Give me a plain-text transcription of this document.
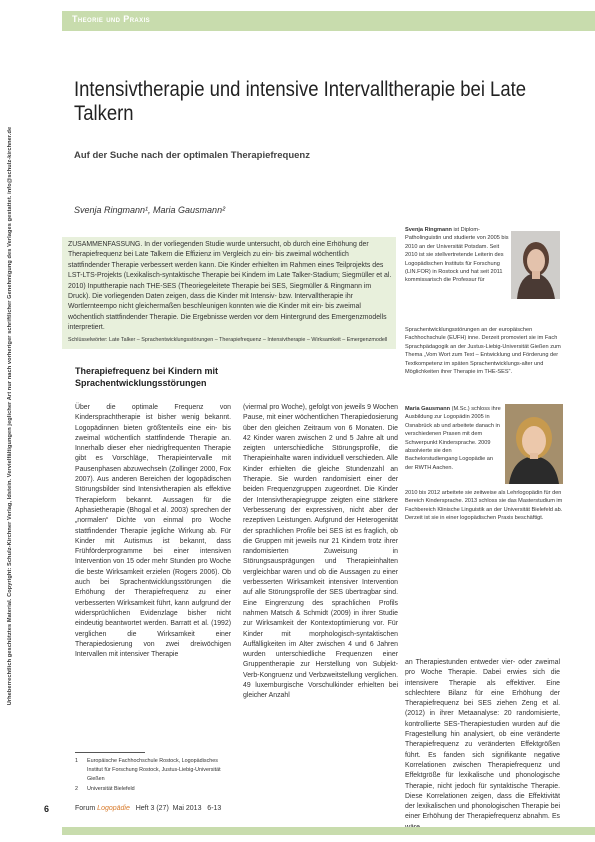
Urheberrechtlich geschütztes Material. Copyright: Schulz-Kirchner Verlag, Idstein. Vervielfältigungen jeglicher Art nur nach vorheriger schriftlicher Genehmigung des Verlages gestattet. info@schulz-kirchner.de
Theorie und Praxis
Intensivtherapie und intensive Intervalltherapie bei Late Talkern
Auf der Suche nach der optimalen Therapiefrequenz
Svenja Ringmann¹, Maria Gausmann²
ZUSAMMENFASSUNG. In der vorliegenden Studie wurde untersucht, ob durch eine Erhöhung der Therapiefrequenz bei Late Talkern die Effizienz im Vergleich zu ein- bis zweimal wöchentlich stattfindender Therapie verbessert werden kann. Die Kinder erhielten im Rahmen eines Teilprojekts des LST-LTS-Projekts (Lexikalisch-syntaktische Therapie bei Kindern im Late Talker-Stadium; Siegmüller et al. 2010) Inputtherapie nach THE-SES (Theoriegeleitete Therapie bei SES, Siegmüller & Ringmann im Druck). Die vorliegenden Daten zeigen, dass die Kinder mit Intensiv- bzw. Intervalltherapie ihr Wortlernteempo nicht gleichermaßen beschleunigen konnten wie die Kinder mit ein- bis zweimal wöchentlich stattfindender Therapie. Die Ergebnisse werden vor dem Hintergrund des Emergenzmodells interpretiert.
Schlüsselwörter: Late Talker – Sprachentwicklungsstörungen – Therapiefrequenz – Intensivtherapie – Wirksamkeit – Emergenzmodell
Therapiefrequenz bei Kindern mit Sprachentwicklungsstörungen
Über die optimale Frequenz von Kindersprachtherapie ist bisher wenig bekannt. Logopädinnen bieten größtenteils eine ein- bis zweimal wöchentlich stattfindende Therapie an. Innerhalb dieser eher niedrigfrequenten Therapie gibt es Vorschläge, Therapieintervalle mit Pausenphasen abzuwechseln (Zollinger 2000, Fox 2007). Aus anderen Bereichen der logopädischen Störungsbilder sind Intensivtherapien als effektive Therapieform bekannt. Aussagen für die Aphasietherapie (Bhogal et al. 2003) sprechen der „normalen“ Dichte von einmal pro Woche stattfindender Therapie jegliche Wirkung ab. Für Kinder mit Autismus ist bekannt, dass Frühförderprogramme bei einer intensiven Intervention von 15 oder mehr Stunden pro Woche die beste Wirksamkeit erzielen (Rogers 2006). Ob auch bei Sprachentwicklungsstörungen die Erhöhung der Therapiefrequenz zu einer verbesserten Wirksamkeit führt, kann aufgrund der widersprüchlichen Evidenzlage bisher nicht eindeutig beantwortet werden. Barratt et al. (1992) verglichen die Wirksamkeit einer Therapiedosierung von zwei dreiwöchigen Intervallen mit intensiver Therapie
(viermal pro Woche), gefolgt von jeweils 9 Wochen Pause, mit einer wöchentlichen Therapiedosierung über den gleichen Zeitraum von 6 Monaten. Die 42 Kinder waren zwischen 2 und 5 Jahre alt und zeigten unterschiedliche Störungsprofile, die Therapieinhalte waren individuell verschieden. Alle Kinder erhielten die gleiche Stundenzahl an Therapie. Sie wurden randomisiert einer der beiden Frequenzgruppen zugeordnet. Die Kinder der Intensivtherapiegruppe zeigten eine stärkere Verbesserung der expressiven, nicht aber der rezeptiven Leistungen. Aufgrund der Heterogenität der sprachlichen Profile bei SES ist es fraglich, ob die Gruppen mit jeweils nur 21 Kindern trotz ihrer randomisierten Zuweisung in Störungsausprägungen und Therapieinhalten vergleichbar waren und ob die Aussagen zu einer verbesserten Wirksamkeit intensiver Intervention auf alle Störungsprofile der SES übertragbar sind. Eine Eingrenzung des sprachlichen Profils nahmen Matsch & Schmidt (2009) in ihrer Studie zur Wirksamkeit der Kontextoptimierung vor. Für Kinder mit morphologisch-syntaktischen Auffälligkeiten im Alter zwischen 4 und 6 Jahren wurden unterschiedliche Frequenzen einer Gruppentherapie zur Herstellung von Subjekt-Verb-Kongruenz und Verbzweitstellung verglichen. 49 luxemburgische Vorschulkinder erhielten bei gleicher Anzahl
an Therapiestunden entweder vier- oder zweimal pro Woche Therapie. Dabei erwies sich die intensivere Therapie als effektiver. Eine schlechtere Bilanz für eine Erhöhung der Therapiefrequenz bei SES ziehen Zeng et al. (2012) in ihrer Metaanalyse: 20 randomisierte, kontrollierte SES-Therapiestudien wurden auf die Fragestellung hin analysiert, ob eine veränderte Therapiefrequenz zu veränderten Effektgrößen führt. Es fanden sich signifikante negative Korrelationen zwischen Therapiefrequenz und Effektgröße für lexikalische und phonologische Therapie, nicht jedoch für syntaktische Therapie. Diese Korrelationen zeigen, dass die Effektivität der lexikalischen und phonologischen Therapie bei einer Erhöhung der Therapiefrequenz abnahm. Es
Svenja Ringmann ist Diplom-Patholinguistin und studierte von 2005 bis 2010 an der Universität Potsdam. Seit 2010 ist sie stellvertretende Leiterin des Logopädischen Instituts für Forschung (LIN.FOR) in Rostock und hat seit 2011 kommissarisch die Professur für
Sprachentwicklungsstörungen an der europäischen Fachhochschule (EUFH) inne. Derzeit promoviert sie im Fach Sprachpädagogik an der Justus-Liebig-Universität Gießen zum Thema „Vom Wort zum Text – Entwicklung und Förderung der Textkompetenz im späten Sprachentwicklungs-alter und Möglichkeiten ihrer Therapie im THE-SES“.
Maria Gausmann (M.Sc.) schloss ihre Ausbildung zur Logopädin 2005 in Osnabrück ab und arbeitete danach in verschiedenen Praxen mit dem Schwerpunkt Kindersprache. 2009 absolvierte sie den Bachelorstudiengang Logopädie an der RWTH Aachen.
2010 bis 2012 arbeitete sie zeitweise als Lehrlogopädin für den Bereich Kindersprache. 2013 schloss sie das Masterstudium im Fachbereich Klinische Linguistik an der Universität Bielefeld ab. Derzeit ist sie in einer logopädischen Praxis beschäftigt.
1	Europäische Fachhochschule Rostock, Logopädisches Institut für Forschung Rostock, Justus-Liebig-Universität Gießen
2	Universität Bielefeld
6	Forum Logopädie   Heft 3 (27)  Mai 2013   6-13
